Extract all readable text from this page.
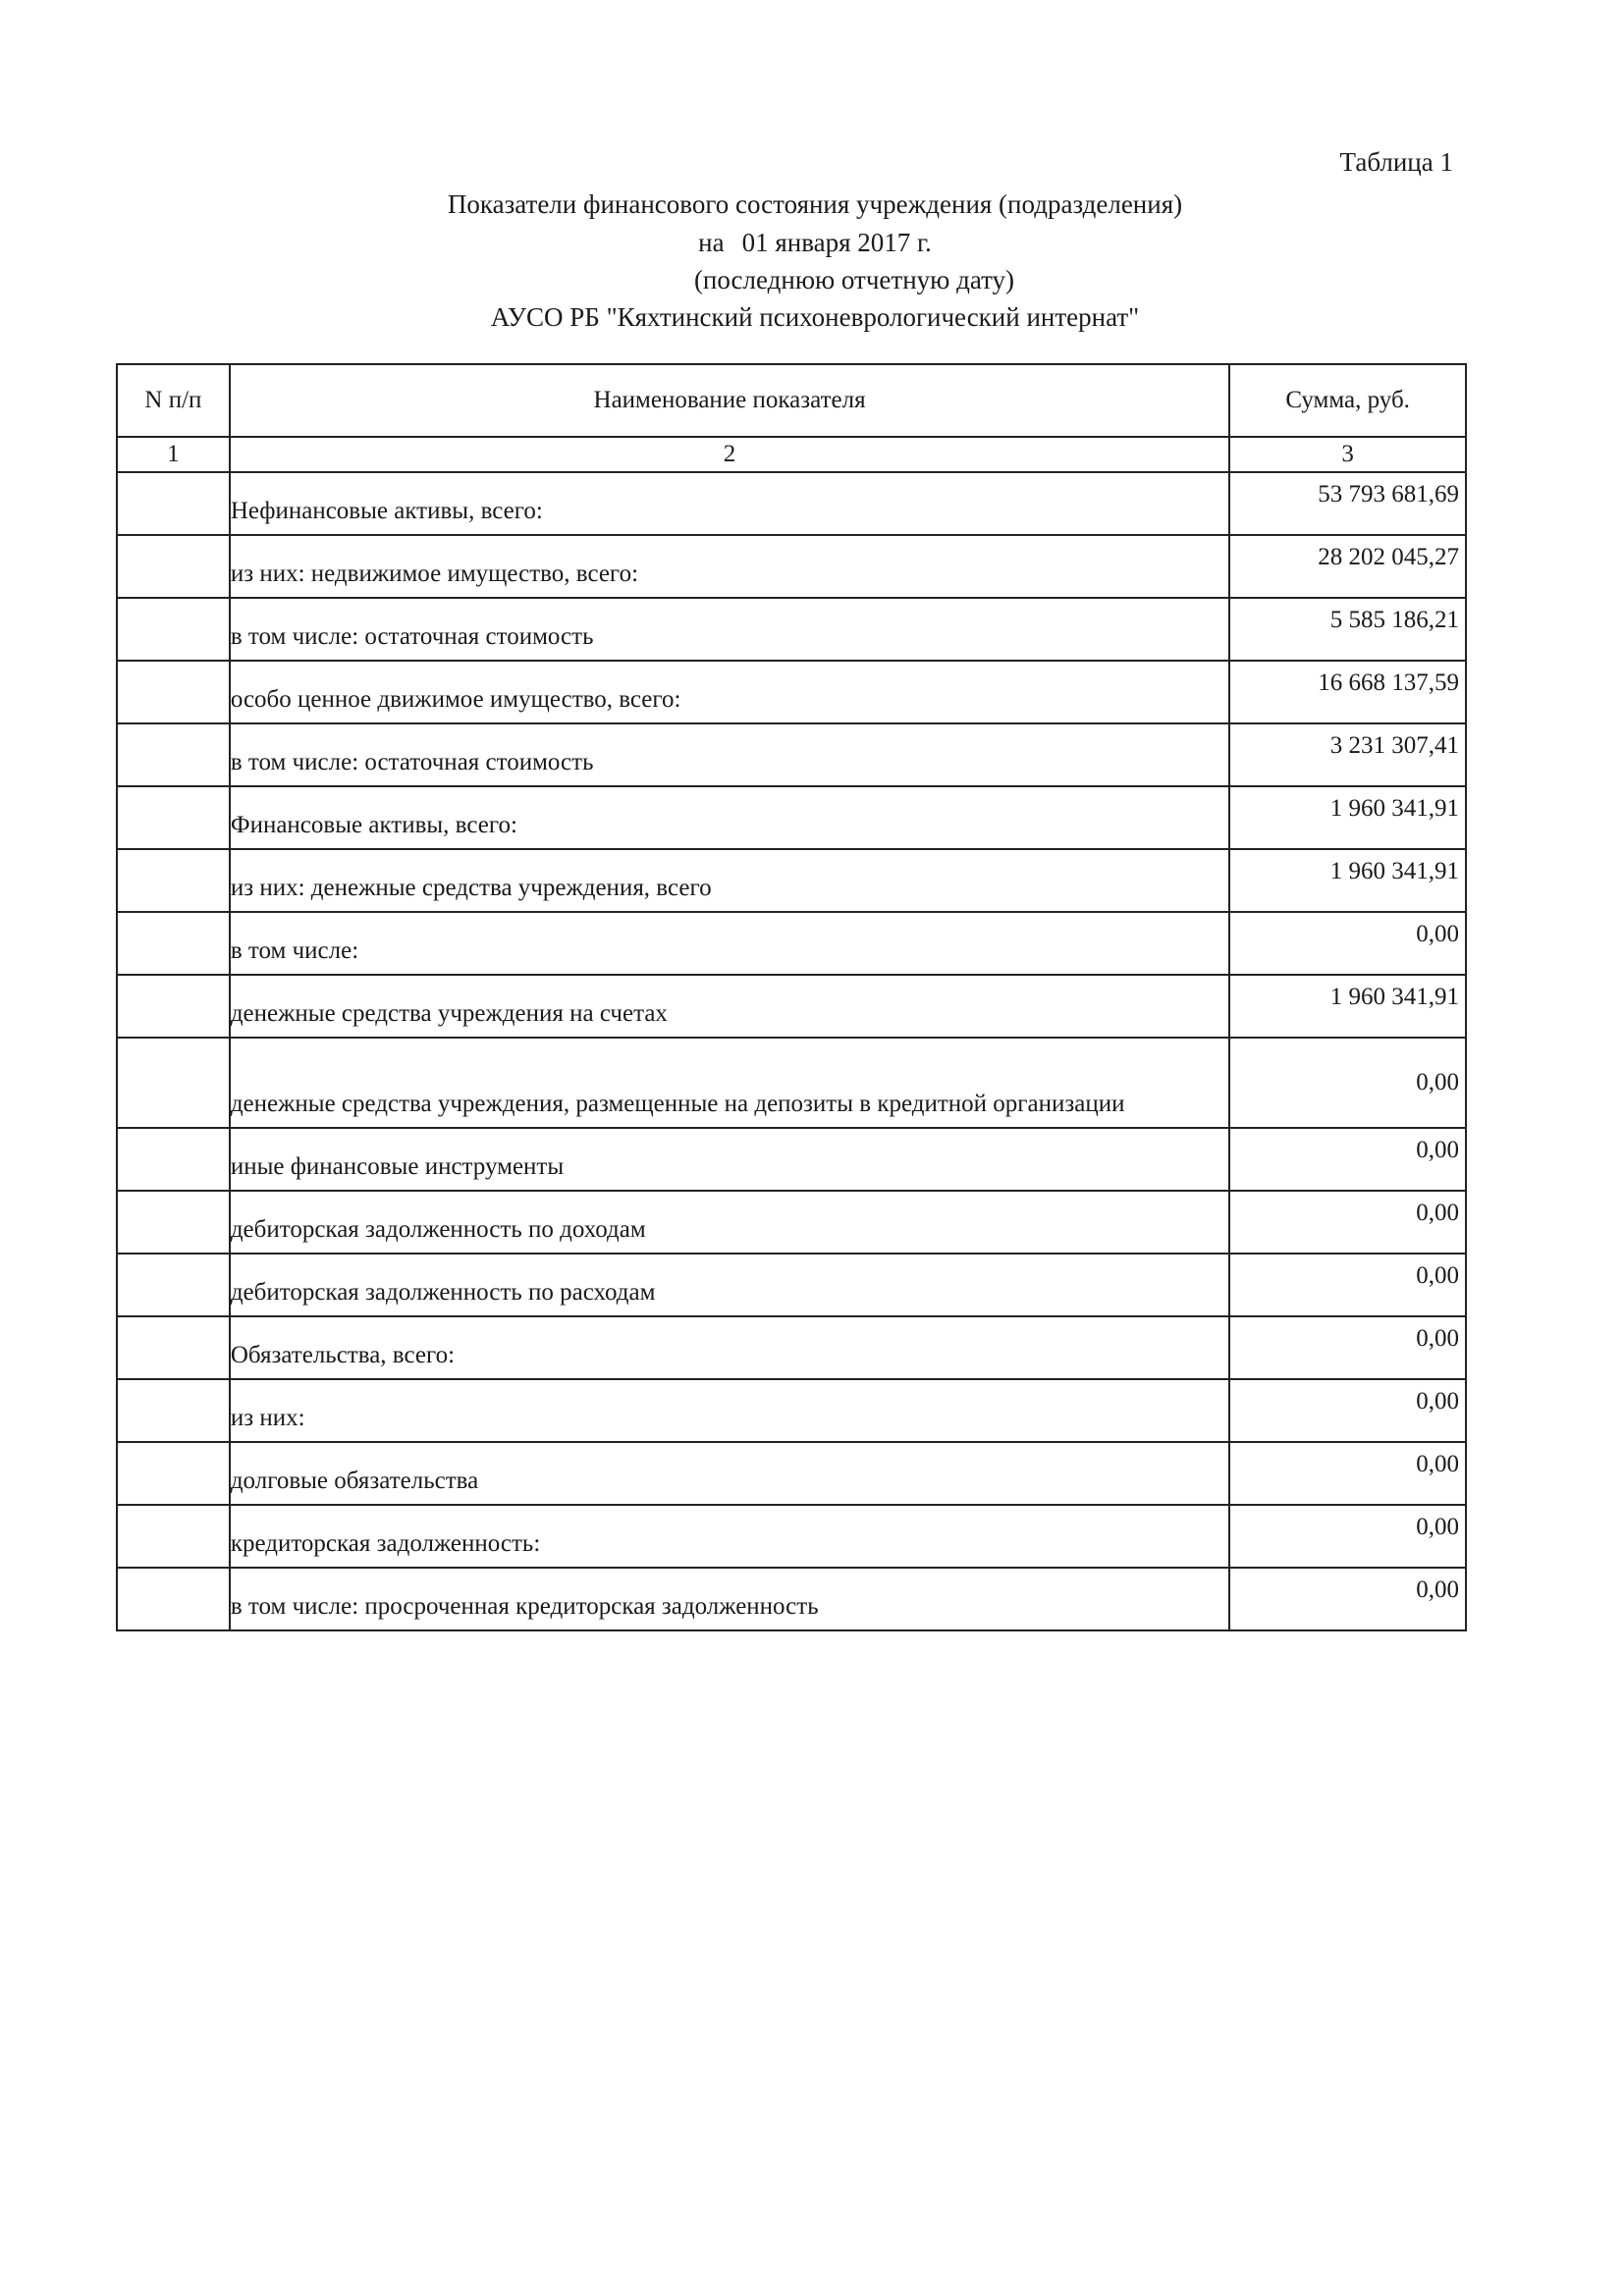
Таблица 1
Показатели финансового состояния учреждения (подразделения)
на 01 января 2017 г.
(последнюю отчетную дату)
АУСО РБ "Кяхтинский психоневрологический интернат"
N п/п	Наименование показателя	Сумма, руб.
1	2	3
	Нефинансовые активы, всего:	53 793 681,69
	из них: недвижимое имущество, всего:	28 202 045,27
	в том числе: остаточная стоимость	5 585 186,21
	особо ценное движимое имущество, всего:	16 668 137,59
	в том числе: остаточная стоимость	3 231 307,41
	Финансовые активы, всего:	1 960 341,91
	из них: денежные средства учреждения, всего	1 960 341,91
	в том числе:	0,00
	денежные средства учреждения на счетах	1 960 341,91
	денежные средства учреждения, размещенные на депозиты в кредитной организации	0,00
	иные финансовые инструменты	0,00
	дебиторская задолженность по доходам	0,00
	дебиторская задолженность по расходам	0,00
	Обязательства, всего:	0,00
	из них:	0,00
	долговые обязательства	0,00
	кредиторская задолженность:	0,00
	в том числе: просроченная кредиторская задолженность	0,00
